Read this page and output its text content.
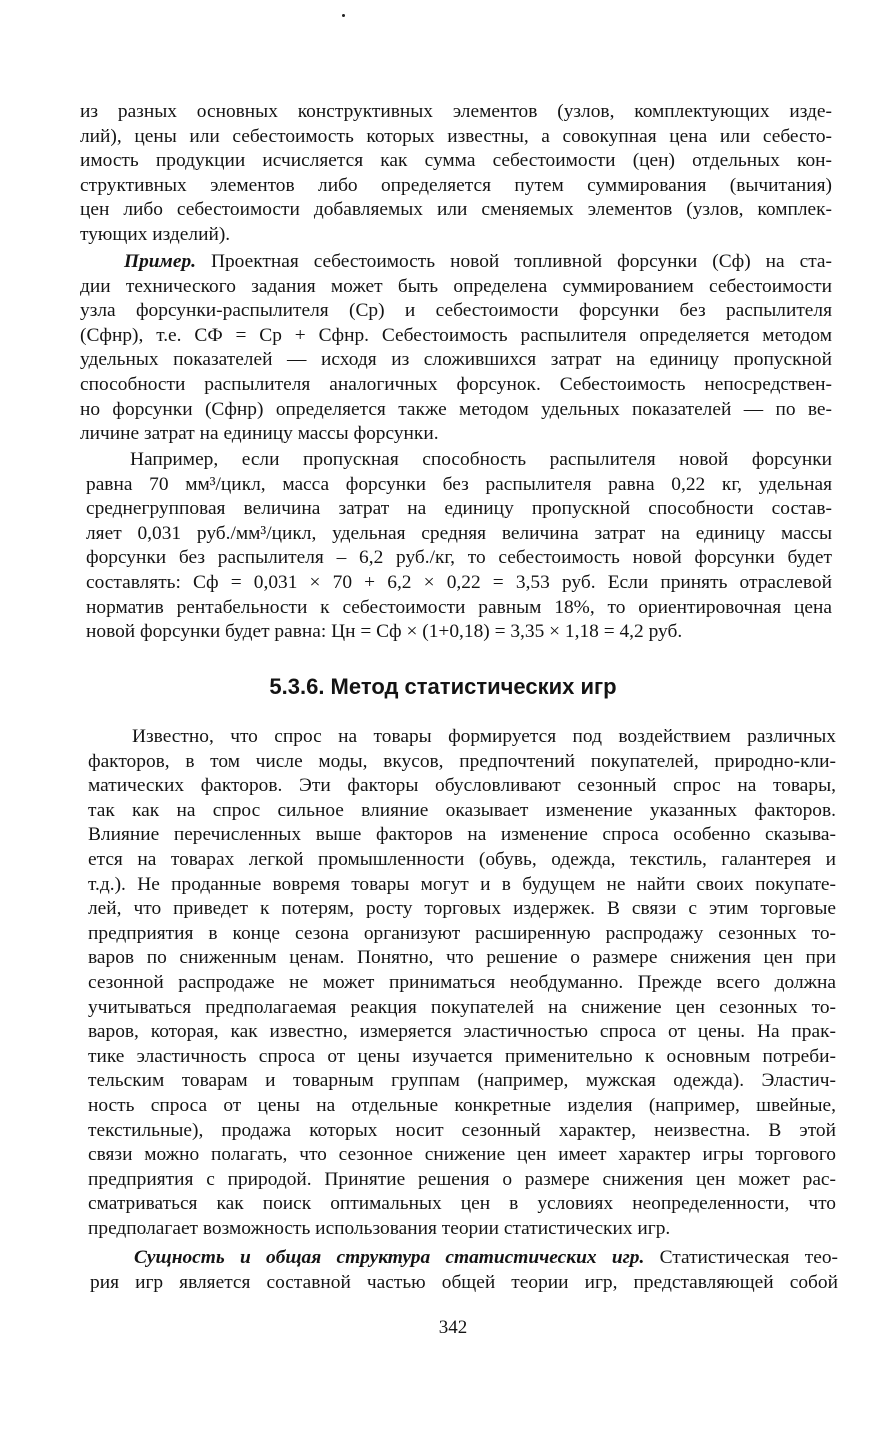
из разных основных конструктивных элементов (узлов, комплектующих изде-
лий), цены или себестоимость которых известны, а совокупная цена или себесто-
имость продукции исчисляется как сумма себестоимости (цен) отдельных кон-
структивных элементов либо определяется путем суммирования (вычитания)
цен либо себестоимости добавляемых или сменяемых элементов (узлов, комплек-
тующих изделий).
Пример. Проектная себестоимость новой топливной форсунки (Cф) на ста-
дии технического задания может быть определена суммированием себестоимости
узла форсунки-распылителя (Cр) и себестоимости форсунки без распылителя
(Cфнр), т.е. CФ = Cр + Cфнр. Себестоимость распылителя определяется методом
удельных показателей — исходя из сложившихся затрат на единицу пропускной
способности распылителя аналогичных форсунок. Себестоимость непосредствен-
но форсунки (Cфнр) определяется также методом удельных показателей — по ве-
личине затрат на единицу массы форсунки.
Например, если пропускная способность распылителя новой форсунки
равна 70 мм³/цикл, масса форсунки без распылителя равна 0,22 кг, удельная
среднегрупповая величина затрат на единицу пропускной способности состав-
ляет 0,031 руб./мм³/цикл, удельная средняя величина затрат на единицу массы
форсунки без распылителя – 6,2 руб./кг, то себестоимость новой форсунки будет
составлять: Cф = 0,031 × 70 + 6,2 × 0,22 = 3,53 руб. Если принять отраслевой
норматив рентабельности к себестоимости равным 18%, то ориентировочная цена
новой форсунки будет равна: Цн = Cф × (1+0,18) = 3,35 × 1,18 = 4,2 руб.
5.3.6. Метод статистических игр
Известно, что спрос на товары формируется под воздействием различных
факторов, в том числе моды, вкусов, предпочтений покупателей, природно-кли-
матических факторов. Эти факторы обусловливают сезонный спрос на товары,
так как на спрос сильное влияние оказывает изменение указанных факторов.
Влияние перечисленных выше факторов на изменение спроса особенно сказыва-
ется на товарах легкой промышленности (обувь, одежда, текстиль, галантерея и
т.д.). Не проданные вовремя товары могут и в будущем не найти своих покупате-
лей, что приведет к потерям, росту торговых издержек. В связи с этим торговые
предприятия в конце сезона организуют расширенную распродажу сезонных то-
варов по сниженным ценам. Понятно, что решение о размере снижения цен при
сезонной распродаже не может приниматься необдуманно. Прежде всего должна
учитываться предполагаемая реакция покупателей на снижение цен сезонных то-
варов, которая, как известно, измеряется эластичностью спроса от цены. На прак-
тике эластичность спроса от цены изучается применительно к основным потреби-
тельским товарам и товарным группам (например, мужская одежда). Эластич-
ность спроса от цены на отдельные конкретные изделия (например, швейные,
текстильные), продажа которых носит сезонный характер, неизвестна. В этой
связи можно полагать, что сезонное снижение цен имеет характер игры торгового
предприятия с природой. Принятие решения о размере снижения цен может рас-
сматриваться как поиск оптимальных цен в условиях неопределенности, что
предполагает возможность использования теории статистических игр.
Сущность и общая структура статистических игр. Статистическая тео-
рия игр является составной частью общей теории игр, представляющей собой
342
